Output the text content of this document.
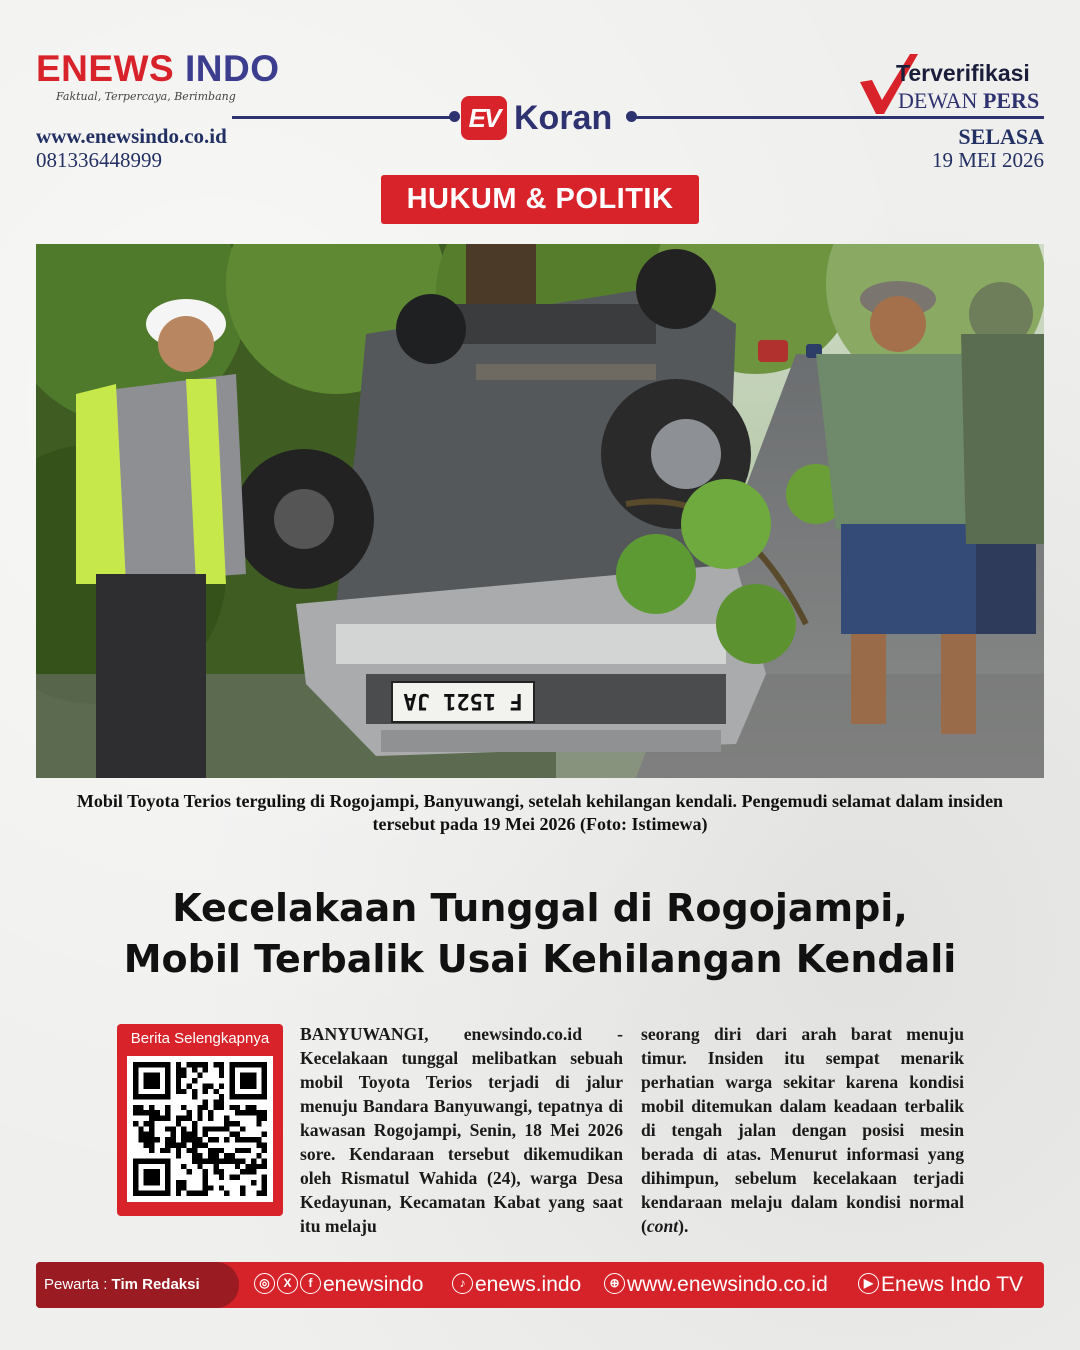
ENEWS INDO
Faktual, Terpercaya, Berimbang
www.enewsindo.co.id
081336448999
EV Koran
Terverifikasi
DEWAN PERS
SELASA
19 MEI 2026
HUKUM & POLITIK
F 1521 JA
Mobil Toyota Terios terguling di Rogojampi, Banyuwangi, setelah kehilangan kendali. Pengemudi selamat dalam insiden tersebut pada 19 Mei 2026 (Foto: Istimewa)
Kecelakaan Tunggal di Rogojampi,
Mobil Terbalik Usai Kehilangan Kendali
Berita Selengkapnya	BANYUWANGI, enewsindo.co.id - Kecelakaan tunggal melibatkan sebuah mobil Toyota Terios terjadi di jalur menuju Bandara Banyuwangi, tepatnya di kawasan Rogojampi, Senin, 18 Mei 2026 sore. Kendaraan tersebut dikemudikan oleh Rismatul Wahida (24), warga Desa Kedayunan, Kecamatan Kabat yang saat itu melaju
seorang diri dari arah barat menuju timur. Insiden itu sempat menarik perhatian warga sekitar karena kondisi mobil ditemukan dalam keadaan terbalik di tengah jalan dengan posisi mesin berada di atas. Menurut informasi yang dihimpun, sebelum kecelakaan terjadi kendaraan melaju dalam kondisi normal (cont).
Pewarta : Tim Redaksi	◎ X f enewsindo	♪ enews.indo	⊕ www.enewsindo.co.id	▶ Enews Indo TV
